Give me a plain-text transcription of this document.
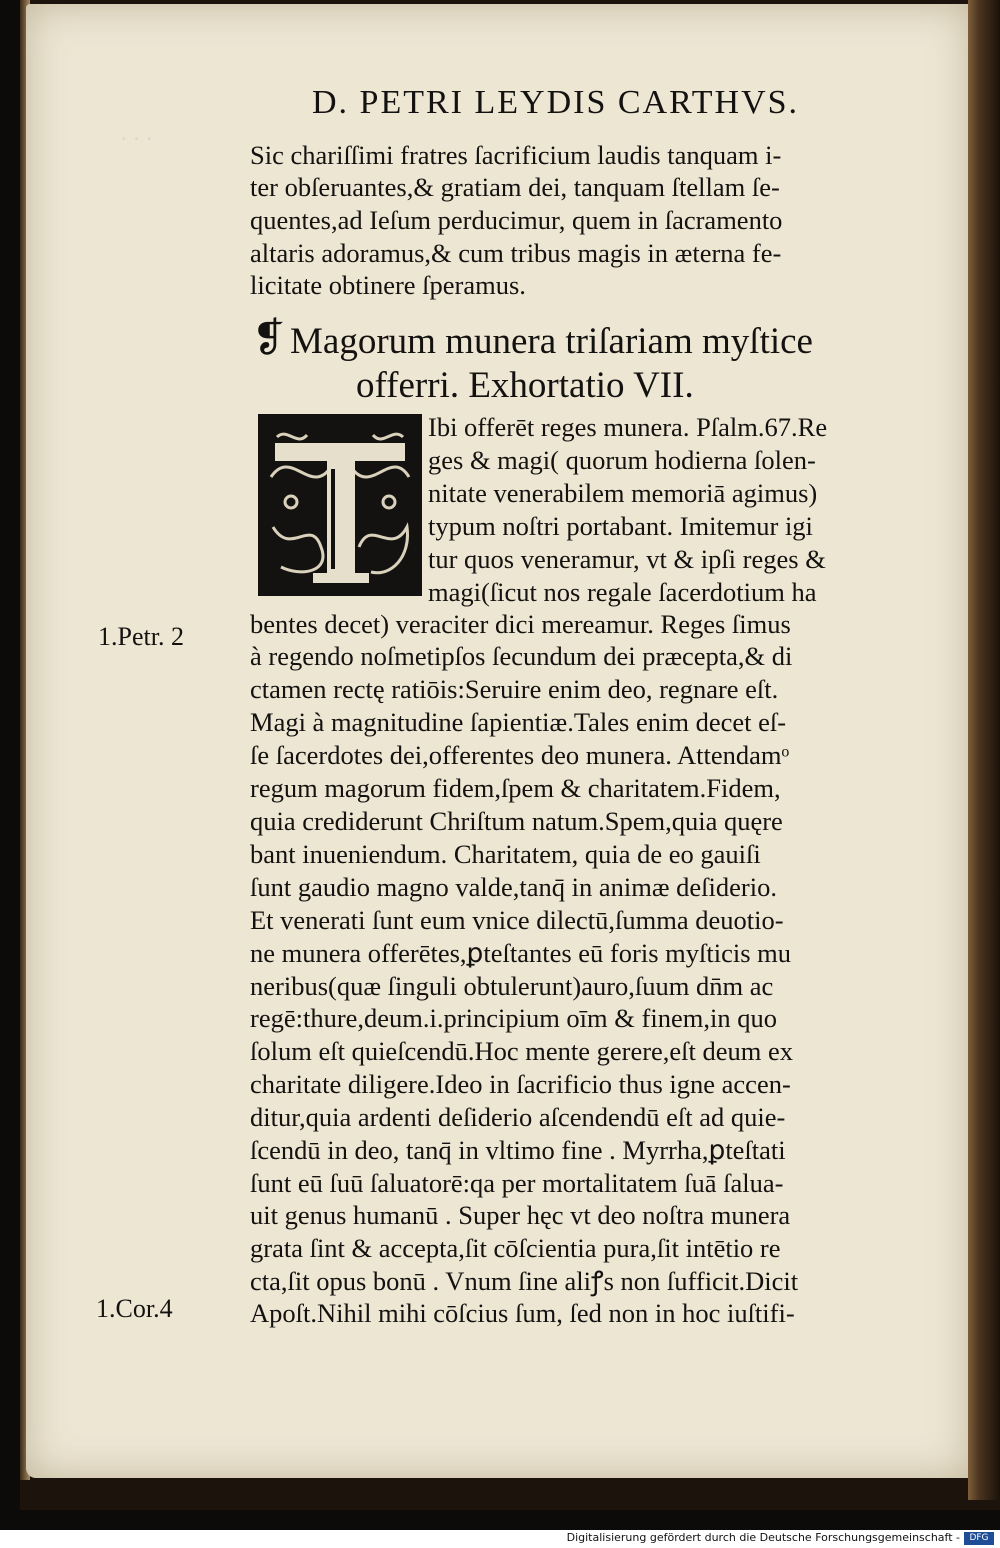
· · ·
D. PETRI LEYDIS CARTHVS.
Sic chariſſimi fratres ſacrificium laudis tanquam i-
ter obſeruantes,& gratiam dei, tanquam ſtellam ſe-
quentes,ad Ieſum perducimur, quem in ſacramento
altaris adoramus,& cum tribus magis in æterna fe-
licitate obtinere ſperamus.
❡ Magorum munera triſariam myſtice
offerri. Exhortatio VII.
Ibi offerēt reges munera. Pſalm.67.Re
ges & magi( quorum hodierna ſolen-
nitate venerabilem memoriā agimus)
typum noſtri portabant. Imitemur igi
tur quos veneramur, vt & ipſi reges &
magi(ſicut nos regale ſacerdotium ha
bentes decet) veraciter dici mereamur. Reges ſimus
à regendo noſmetipſos ſecundum dei præcepta,& di
ctamen rectę ratiōis:Seruire enim deo, regnare eſt.
Magi à magnitudine ſapientiæ.Tales enim decet eſ-
ſe ſacerdotes dei,offerentes deo munera. Attendamᵒ
regum magorum fidem,ſpem & charitatem.Fidem,
quia crediderunt Chriſtum natum.Spem,quia quęre
bant inueniendum. Charitatem, quia de eo gauiſi
ſunt gaudio magno valde,tanq̄ in animæ deſiderio.
Et venerati ſunt eum vnice dilectū,ſumma deuotio-
ne munera offerētes,ꝑteſtantes eū foris myſticis mu
neribus(quæ ſinguli obtulerunt)auro,ſuum dn̄m ac
regē:thure,deum.i.principium oīm & finem,in quo
ſolum eſt quieſcendū.Hoc mente gerere,eſt deum ex
charitate diligere.Ideo in ſacrificio thus igne accen-
ditur,quia ardenti deſiderio aſcendendū eſt ad quie-
ſcendū in deo, tanq̄ in vltimo fine . Myrrha,ꝑteſtati
ſunt eū ſuū ſaluatorē:qa per mortalitatem ſuā ſalua-
uit genus humanū . Super hęc vt deo noſtra munera
grata ſint & accepta,ſit cōſcientia pura,ſit intētio re
cta,ſit opus bonū . Vnum ſine aliꝭs non ſufficit.Dicit
Apoſt.Nihil mihi cōſcius ſum, ſed non in hoc iuſtifi-
1.Petr. 2
1.Cor.4
Digitalisierung gefördert durch die Deutsche Forschungsgemeinschaft -	DFG
